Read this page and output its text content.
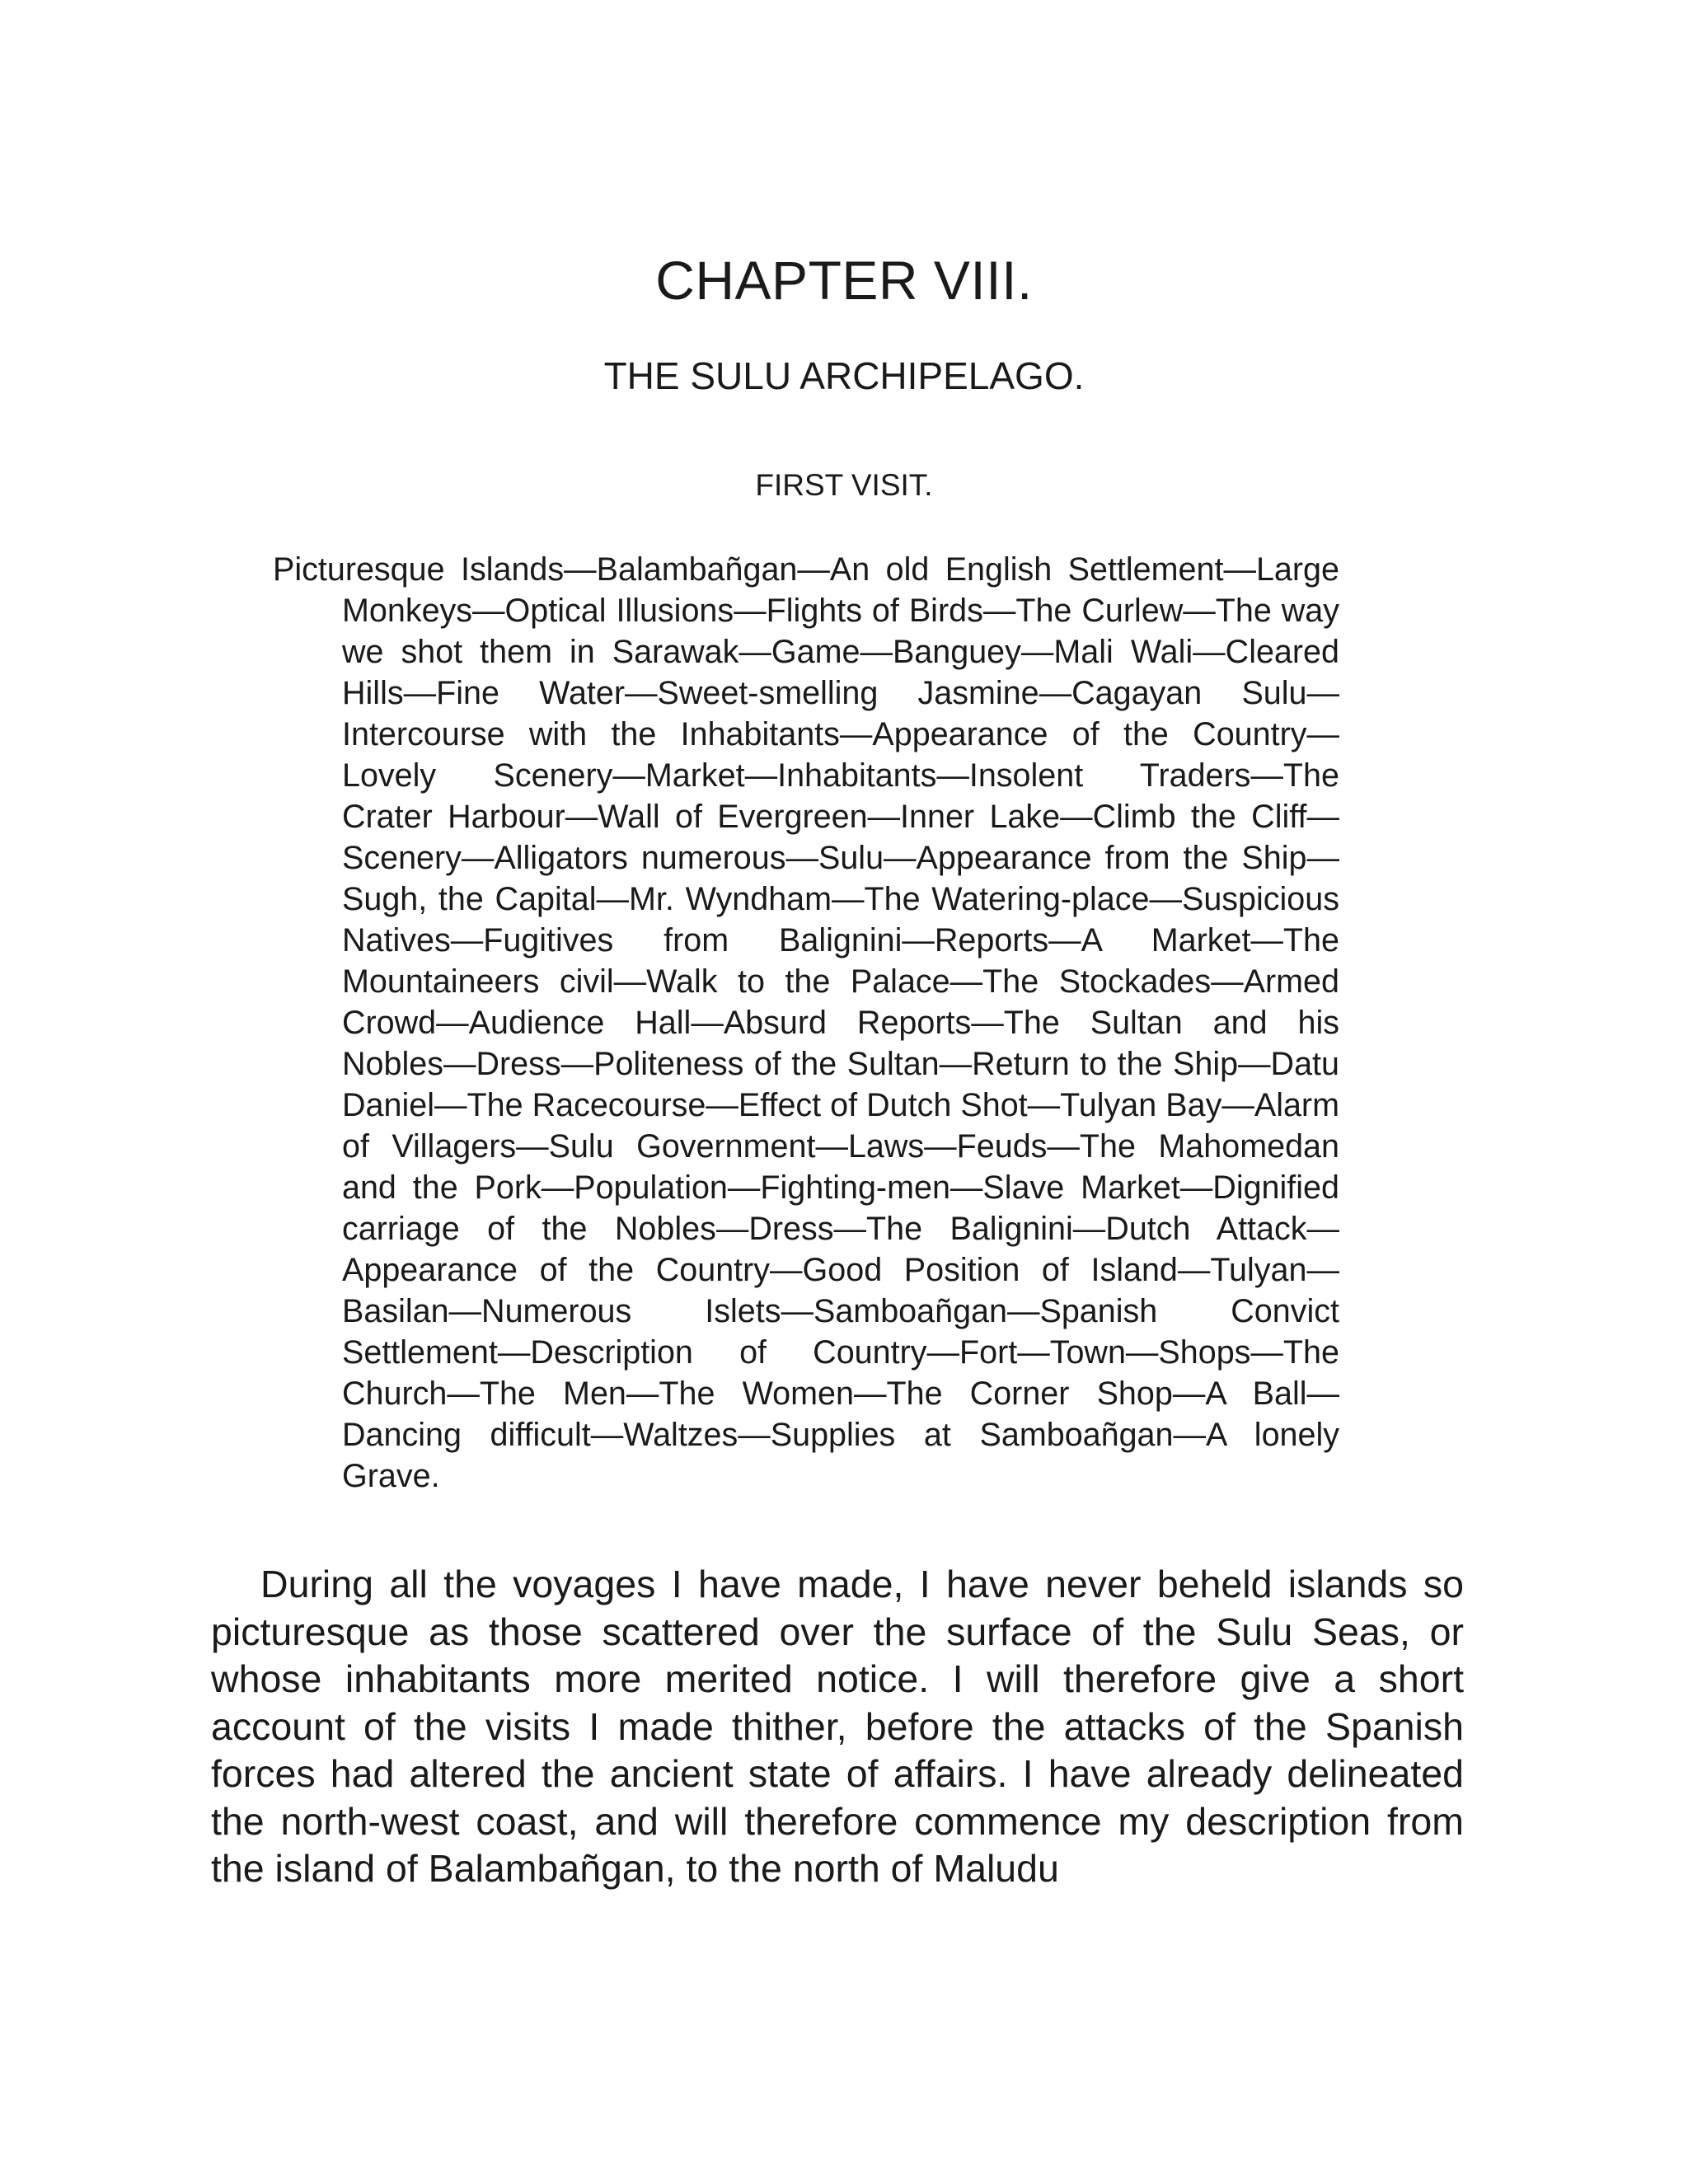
CHAPTER VIII.
THE SULU ARCHIPELAGO.
FIRST VISIT.

Picturesque Islands—Balambañgan—An old English Settlement—Large Monkeys—Optical Illusions—Flights of Birds—The Curlew—The way we shot them in Sarawak—Game—Banguey—Mali Wali—Cleared Hills—Fine Water—Sweet-smelling Jasmine—Cagayan Sulu—Intercourse with the Inhabitants—Appearance of the Country—Lovely Scenery—Market—Inhabitants—Insolent Traders—The Crater Harbour—Wall of Evergreen—Inner Lake—Climb the Cliff—Scenery—Alligators numerous—Sulu—Appearance from the Ship—Sugh, the Capital—Mr. Wyndham—The Watering-place—Suspicious Natives—Fugitives from Balignini—Reports—A Market—The Mountaineers civil—Walk to the Palace—The Stockades—Armed Crowd—Audience Hall—Absurd Reports—The Sultan and his Nobles—Dress—Politeness of the Sultan—Return to the Ship—Datu Daniel—The Racecourse—Effect of Dutch Shot—Tulyan Bay—Alarm of Villagers—Sulu Government—Laws—Feuds—The Mahomedan and the Pork—Population—Fighting-men—Slave Market—Dignified carriage of the Nobles—Dress—The Balignini—Dutch Attack—Appearance of the Country—Good Position of Island—Tulyan—Basilan—Numerous Islets—Samboañgan—Spanish Convict Settlement—Description of Country—Fort—Town—Shops—The Church—The Men—The Women—The Corner Shop—A Ball—Dancing difficult—Waltzes—Supplies at Samboañgan—A lonely Grave.

During all the voyages I have made, I have never beheld islands so picturesque as those scattered over the surface of the Sulu Seas, or whose inhabitants more merited notice. I will therefore give a short account of the visits I made thither, before the attacks of the Spanish forces had altered the ancient state of affairs. I have already delineated the north-west coast, and will therefore commence my description from the island of Balambañgan, to the north of Maludu
